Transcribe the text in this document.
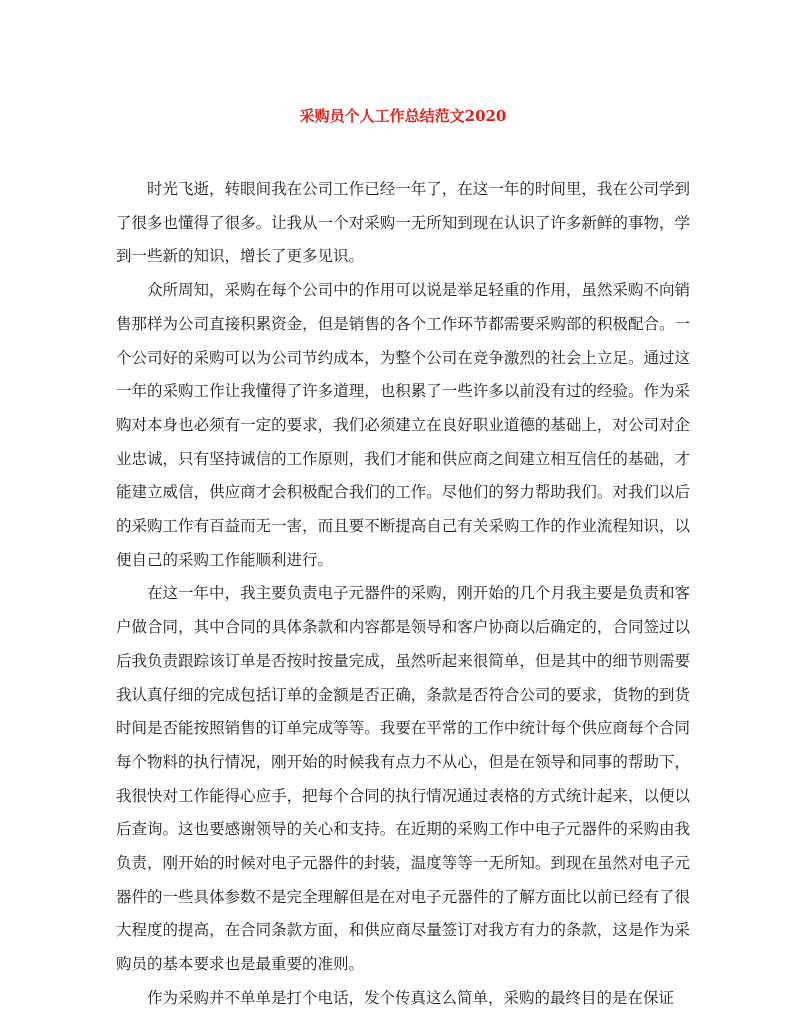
采购员个人工作总结范文2020

时光飞逝，转眼间我在公司工作已经一年了，在这一年的时间里，我在公司学到了很多也懂得了很多。让我从一个对采购一无所知到现在认识了许多新鲜的事物，学到一些新的知识，增长了更多见识。

众所周知，采购在每个公司中的作用可以说是举足轻重的作用，虽然采购不向销售那样为公司直接积累资金，但是销售的各个工作环节都需要采购部的积极配合。一个公司好的采购可以为公司节约成本，为整个公司在竞争激烈的社会上立足。通过这一年的采购工作让我懂得了许多道理，也积累了一些许多以前没有过的经验。作为采购对本身也必须有一定的要求，我们必须建立在良好职业道德的基础上，对公司对企业忠诚，只有坚持诚信的工作原则，我们才能和供应商之间建立相互信任的基础，才能建立威信，供应商才会积极配合我们的工作。尽他们的努力帮助我们。对我们以后的采购工作有百益而无一害，而且要不断提高自己有关采购工作的作业流程知识，以便自己的采购工作能顺利进行。

在这一年中，我主要负责电子元器件的采购，刚开始的几个月我主要是负责和客户做合同，其中合同的具体条款和内容都是领导和客户协商以后确定的，合同签过以后我负责跟踪该订单是否按时按量完成，虽然听起来很简单，但是其中的细节则需要我认真仔细的完成包括订单的金额是否正确，条款是否符合公司的要求，货物的到货时间是否能按照销售的订单完成等等。我要在平常的工作中统计每个供应商每个合同每个物料的执行情况，刚开始的时候我有点力不从心，但是在领导和同事的帮助下，我很快对工作能得心应手，把每个合同的执行情况通过表格的方式统计起来，以便以后查询。这也要感谢领导的关心和支持。在近期的采购工作中电子元器件的采购由我负责，刚开始的时候对电子元器件的封装，温度等等一无所知。到现在虽然对电子元器件的一些具体参数不是完全理解但是在对电子元器件的了解方面比以前已经有了很大程度的提高，在合同条款方面，和供应商尽量签订对我方有力的条款，这是作为采购员的基本要求也是最重要的准则。

作为采购并不单单是打个电话，发个传真这么简单，采购的最终目的是在保证
